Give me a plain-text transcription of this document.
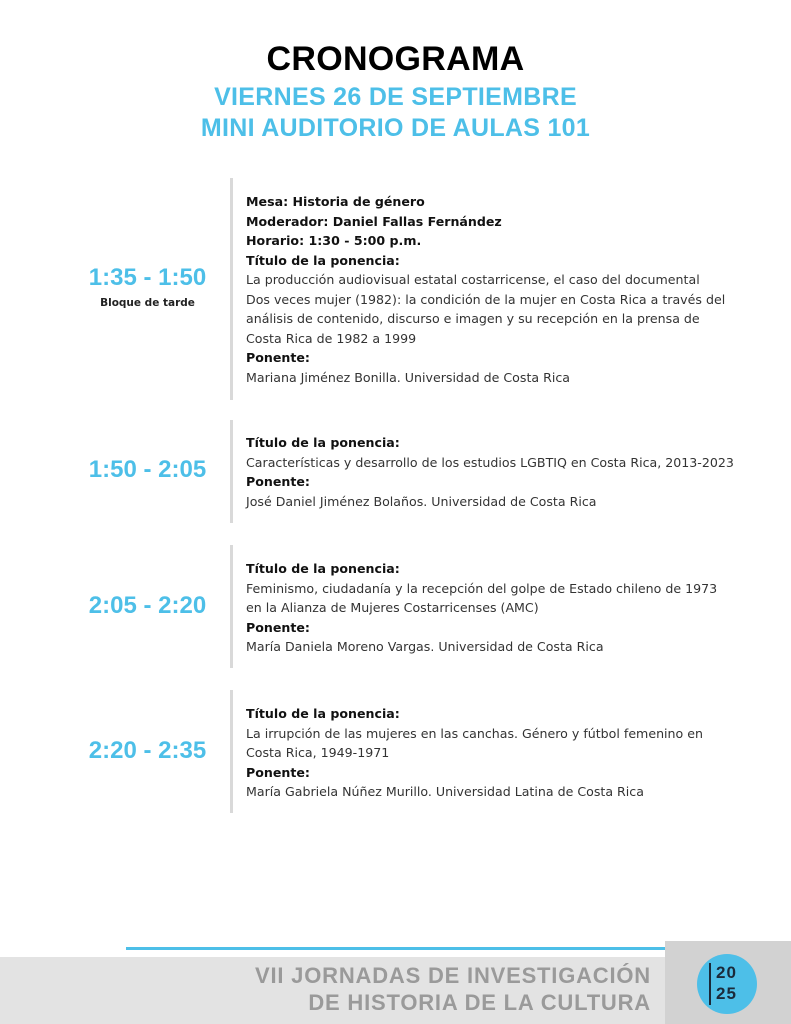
CRONOGRAMA
VIERNES 26 DE SEPTIEMBRE
MINI AUDITORIO DE AULAS 101
1:35 - 1:50
Bloque de tarde
Mesa: Historia de género
Moderador: Daniel Fallas Fernández
Horario: 1:30 - 5:00 p.m.
Título de la ponencia:
La producción audiovisual estatal costarricense, el caso del documental
Dos veces mujer (1982): la condición de la mujer en Costa Rica a través del
análisis de contenido, discurso e imagen y su recepción en la prensa de
Costa Rica de 1982 a 1999
Ponente:
Mariana Jiménez Bonilla. Universidad de Costa Rica
1:50 - 2:05
Título de la ponencia:
Características y desarrollo de los estudios LGBTIQ en Costa Rica, 2013-2023
Ponente:
José Daniel Jiménez Bolaños. Universidad de Costa Rica
2:05 - 2:20
Título de la ponencia:
Feminismo, ciudadanía y la recepción del golpe de Estado chileno de 1973
en la Alianza de Mujeres Costarricenses (AMC)
Ponente:
María Daniela Moreno Vargas. Universidad de Costa Rica
2:20 - 2:35
Título de la ponencia:
La irrupción de las mujeres en las canchas. Género y fútbol femenino en
Costa Rica, 1949-1971
Ponente:
María Gabriela Núñez Murillo. Universidad Latina de Costa Rica
VII JORNADAS DE INVESTIGACIÓN
DE HISTORIA DE LA CULTURA
20
25
